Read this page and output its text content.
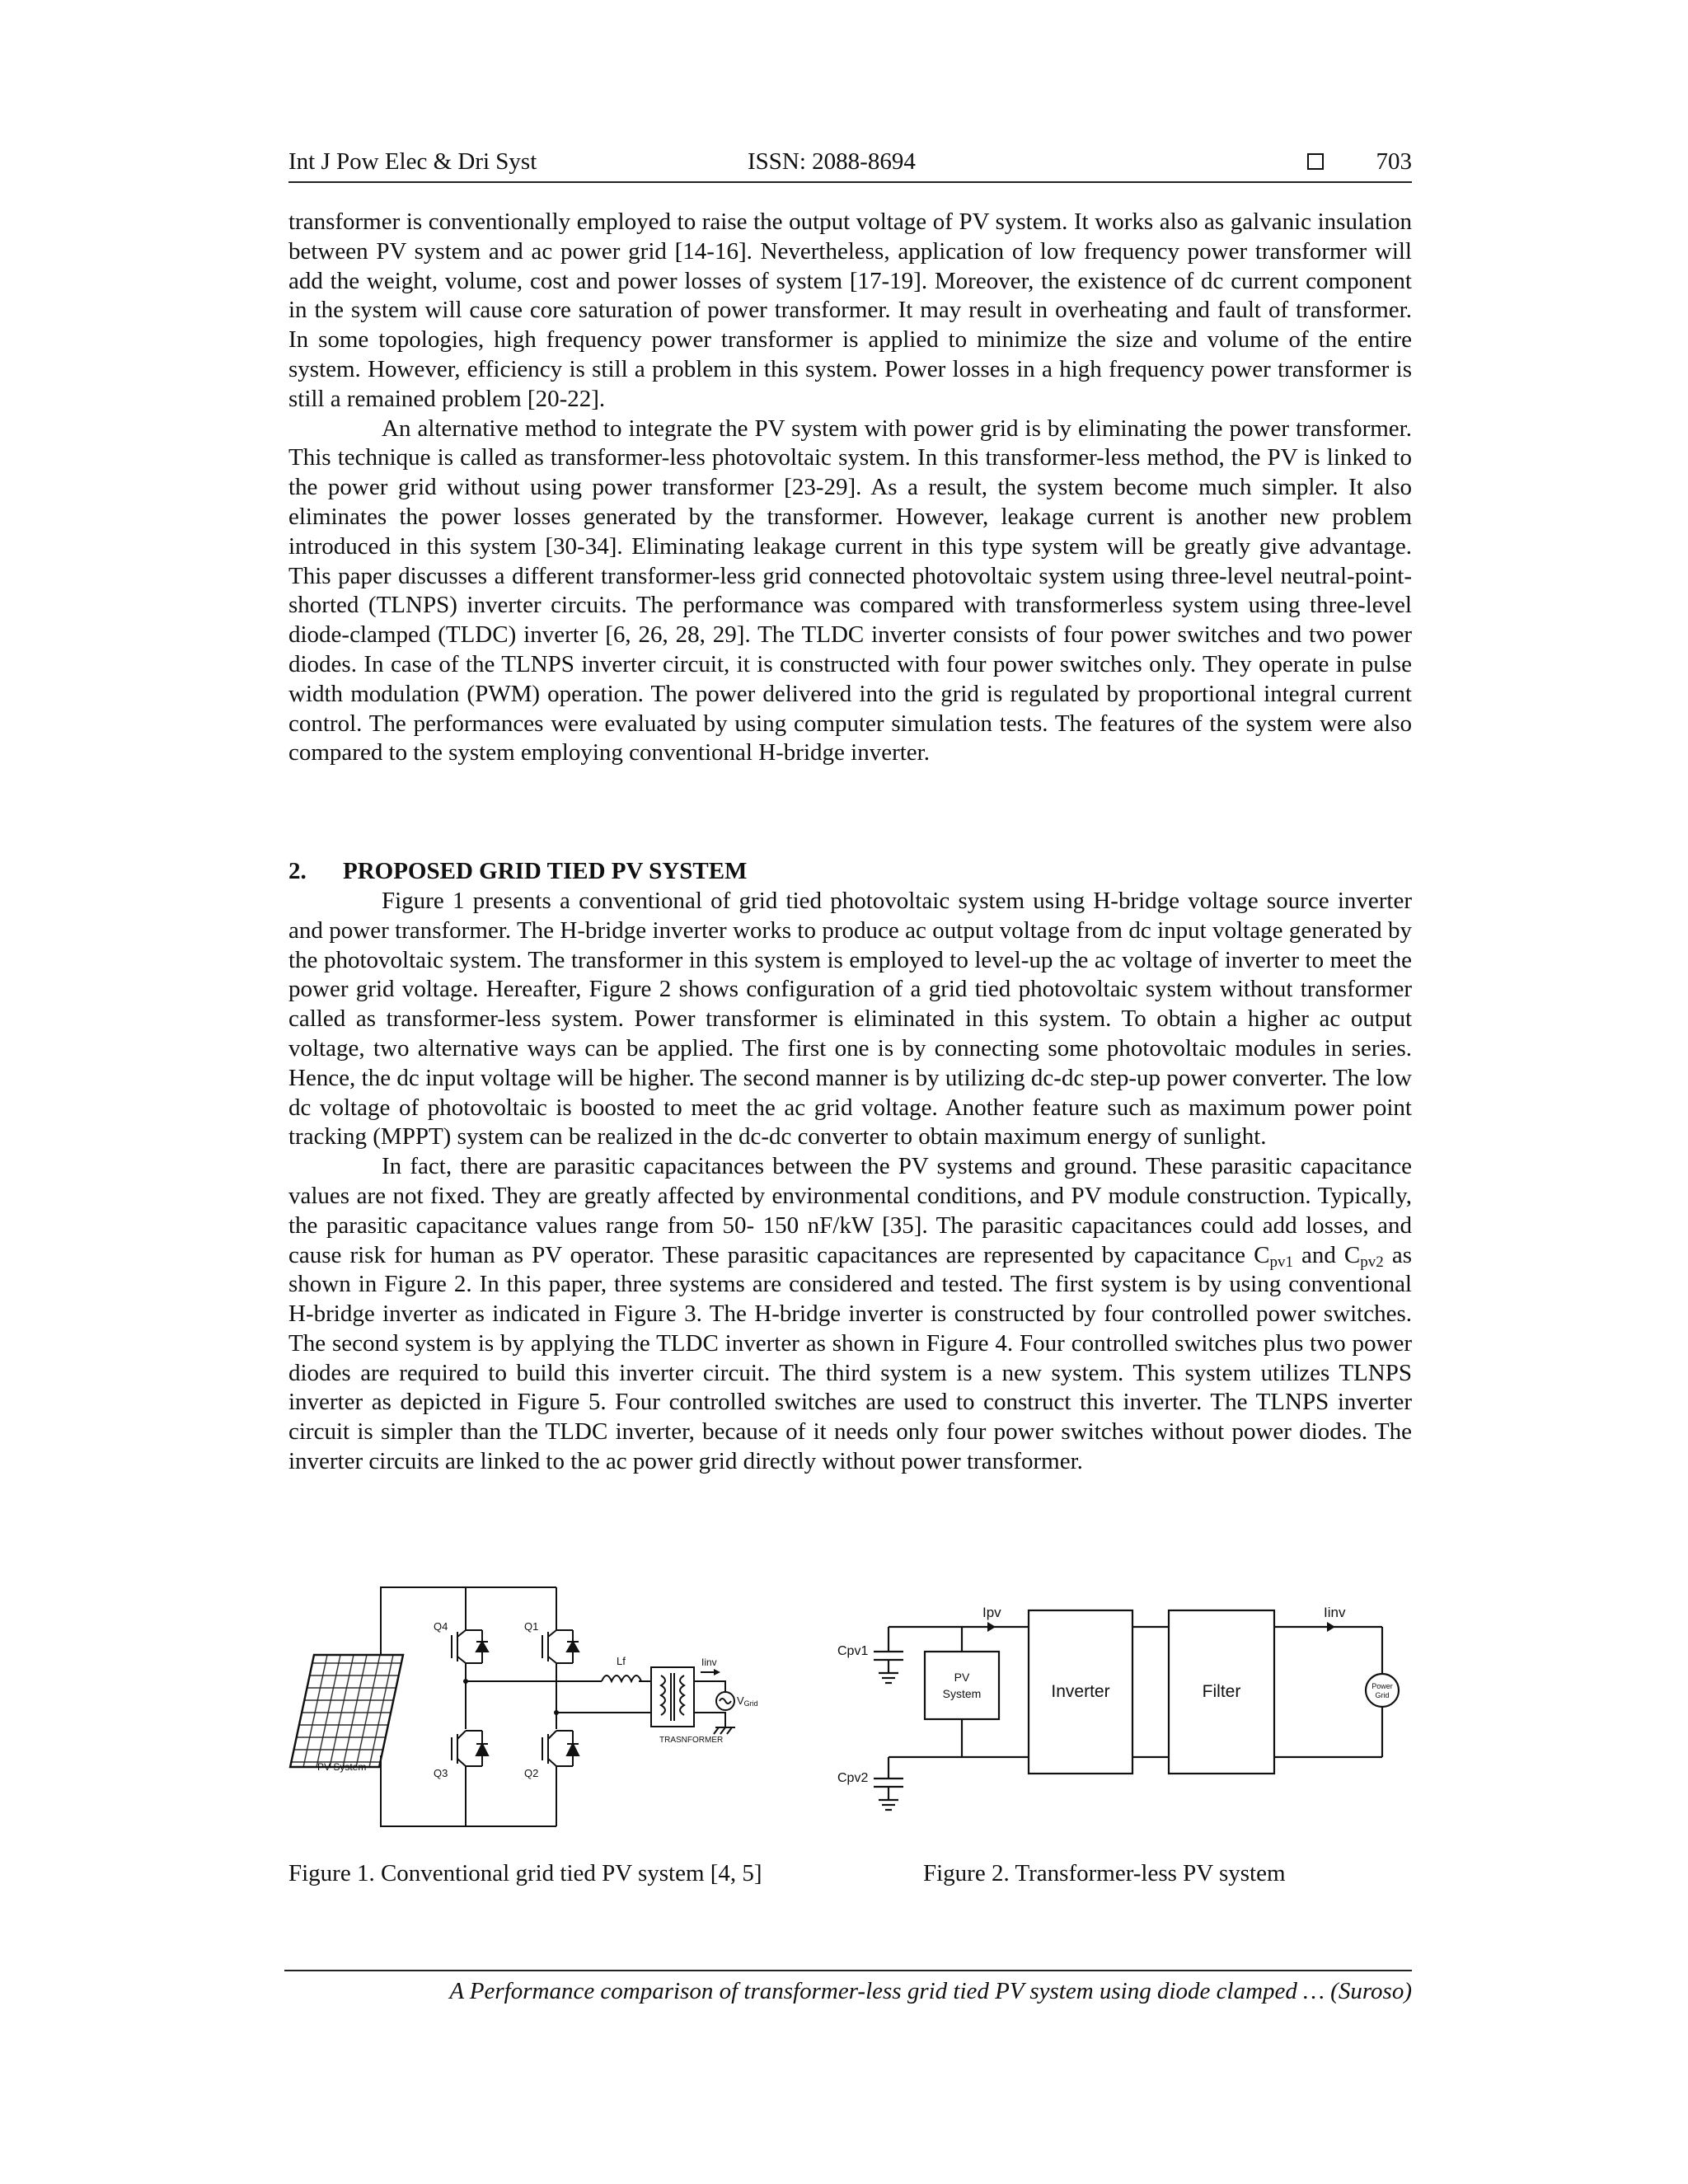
Int J Pow Elec & Dri Syst	ISSN: 2088-8694	703

transformer is conventionally employed to raise the output voltage of PV system. It works also as galvanic insulation between PV system and ac power grid [14-16]. Nevertheless, application of low frequency power transformer will add the weight, volume, cost and power losses of system [17-19]. Moreover, the existence of dc current component in the system will cause core saturation of power transformer. It may result in overheating and fault of transformer. In some topologies, high frequency power transformer is applied to minimize the size and volume of the entire system. However, efficiency is still a problem in this system. Power losses in a high frequency power transformer is still a remained problem [20-22].

An alternative method to integrate the PV system with power grid is by eliminating the power transformer. This technique is called as transformer-less photovoltaic system. In this transformer-less method, the PV is linked to the power grid without using power transformer [23-29]. As a result, the system become much simpler. It also eliminates the power losses generated by the transformer. However, leakage current is another new problem introduced in this system [30-34]. Eliminating leakage current in this type system will be greatly give advantage. This paper discusses a different transformer-less grid connected photovoltaic system using three-level neutral-point-shorted (TLNPS) inverter circuits. The performance was compared with transformerless system using three-level diode-clamped (TLDC) inverter [6, 26, 28, 29]. The TLDC inverter consists of four power switches and two power diodes. In case of the TLNPS inverter circuit, it is constructed with four power switches only. They operate in pulse width modulation (PWM) operation. The power delivered into the grid is regulated by proportional integral current control. The performances were evaluated by using computer simulation tests. The features of the system were also compared to the system employing conventional H-bridge inverter.

2. PROPOSED GRID TIED PV SYSTEM

Figure 1 presents a conventional of grid tied photovoltaic system using H-bridge voltage source inverter and power transformer. The H-bridge inverter works to produce ac output voltage from dc input voltage generated by the photovoltaic system. The transformer in this system is employed to level-up the ac voltage of inverter to meet the power grid voltage. Hereafter, Figure 2 shows configuration of a grid tied photovoltaic system without transformer called as transformer-less system. Power transformer is eliminated in this system. To obtain a higher ac output voltage, two alternative ways can be applied. The first one is by connecting some photovoltaic modules in series. Hence, the dc input voltage will be higher. The second manner is by utilizing dc-dc step-up power converter. The low dc voltage of photovoltaic is boosted to meet the ac grid voltage. Another feature such as maximum power point tracking (MPPT) system can be realized in the dc-dc converter to obtain maximum energy of sunlight.

In fact, there are parasitic capacitances between the PV systems and ground. These parasitic capacitance values are not fixed. They are greatly affected by environmental conditions, and PV module construction. Typically, the parasitic capacitance values range from 50- 150 nF/kW [35]. The parasitic capacitances could add losses, and cause risk for human as PV operator. These parasitic capacitances are represented by capacitance $C_{pv1}$ and $C_{pv2}$ as shown in Figure 2. In this paper, three systems are considered and tested. The first system is by using conventional H-bridge inverter as indicated in Figure 3. The H-bridge inverter is constructed by four controlled power switches. The second system is by applying the TLDC inverter as shown in Figure 4. Four controlled switches plus two power diodes are required to build this inverter circuit. The third system is a new system. This system utilizes TLNPS inverter as depicted in Figure 5. Four controlled switches are used to construct this inverter. The TLNPS inverter circuit is simpler than the TLDC inverter, because of it needs only four power switches without power diodes. The inverter circuits are linked to the ac power grid directly without power transformer.

Q4	Q1
Q3	Q2
Lf	Iinv
VGrid
TRASNFORMER
PV System
Ipv	Iinv
Cpv1
Cpv2
PV
System	Inverter	Filter	Power
Grid
Figure 1. Conventional grid tied PV system [4, 5]	Figure 2. Transformer-less PV system
A Performance comparison of transformer-less grid tied PV system using diode clamped … (Suroso)
